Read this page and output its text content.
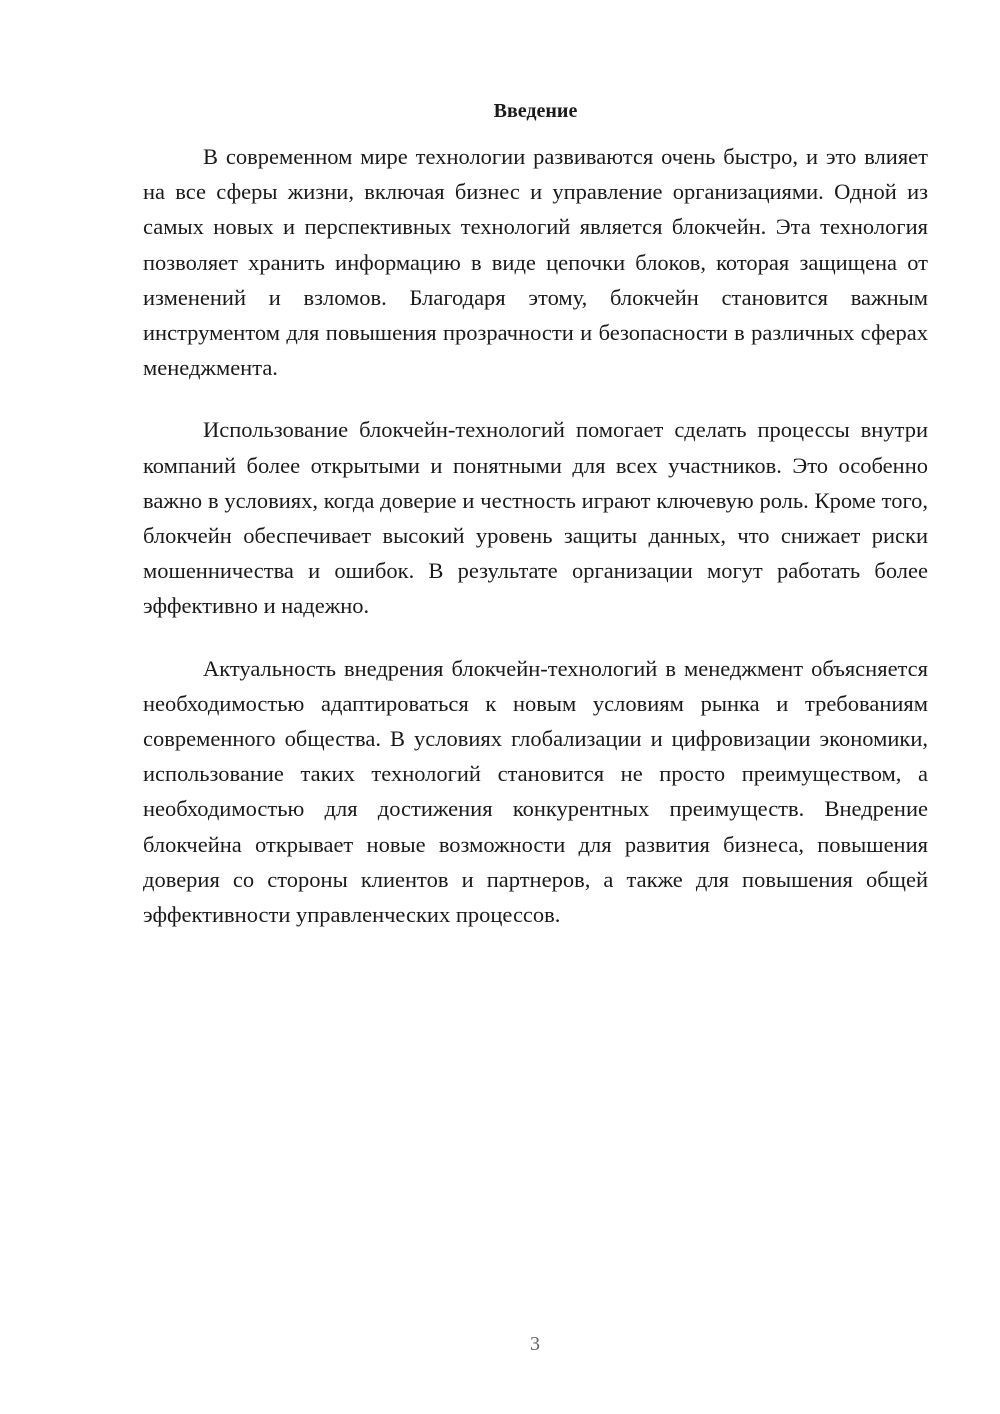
Введение

В современном мире технологии развиваются очень быстро, и это влияет на все сферы жизни, включая бизнес и управление организациями. Одной из самых новых и перспективных технологий является блокчейн. Эта технология позволяет хранить информацию в виде цепочки блоков, которая защищена от изменений и взломов. Благодаря этому, блокчейн становится важным инструментом для повышения прозрачности и безопасности в различных сферах менеджмента.

Использование блокчейн-технологий помогает сделать процессы внутри компаний более открытыми и понятными для всех участников. Это особенно важно в условиях, когда доверие и честность играют ключевую роль. Кроме того, блокчейн обеспечивает высокий уровень защиты данных, что снижает риски мошенничества и ошибок. В результате организации могут работать более эффективно и надежно.

Актуальность внедрения блокчейн-технологий в менеджмент объясняется необходимостью адаптироваться к новым условиям рынка и требованиям современного общества. В условиях глобализации и цифровизации экономики, использование таких технологий становится не просто преимуществом, а необходимостью для достижения конкурентных преимуществ. Внедрение блокчейна открывает новые возможности для развития бизнеса, повышения доверия со стороны клиентов и партнеров, а также для повышения общей эффективности управленческих процессов.

3
